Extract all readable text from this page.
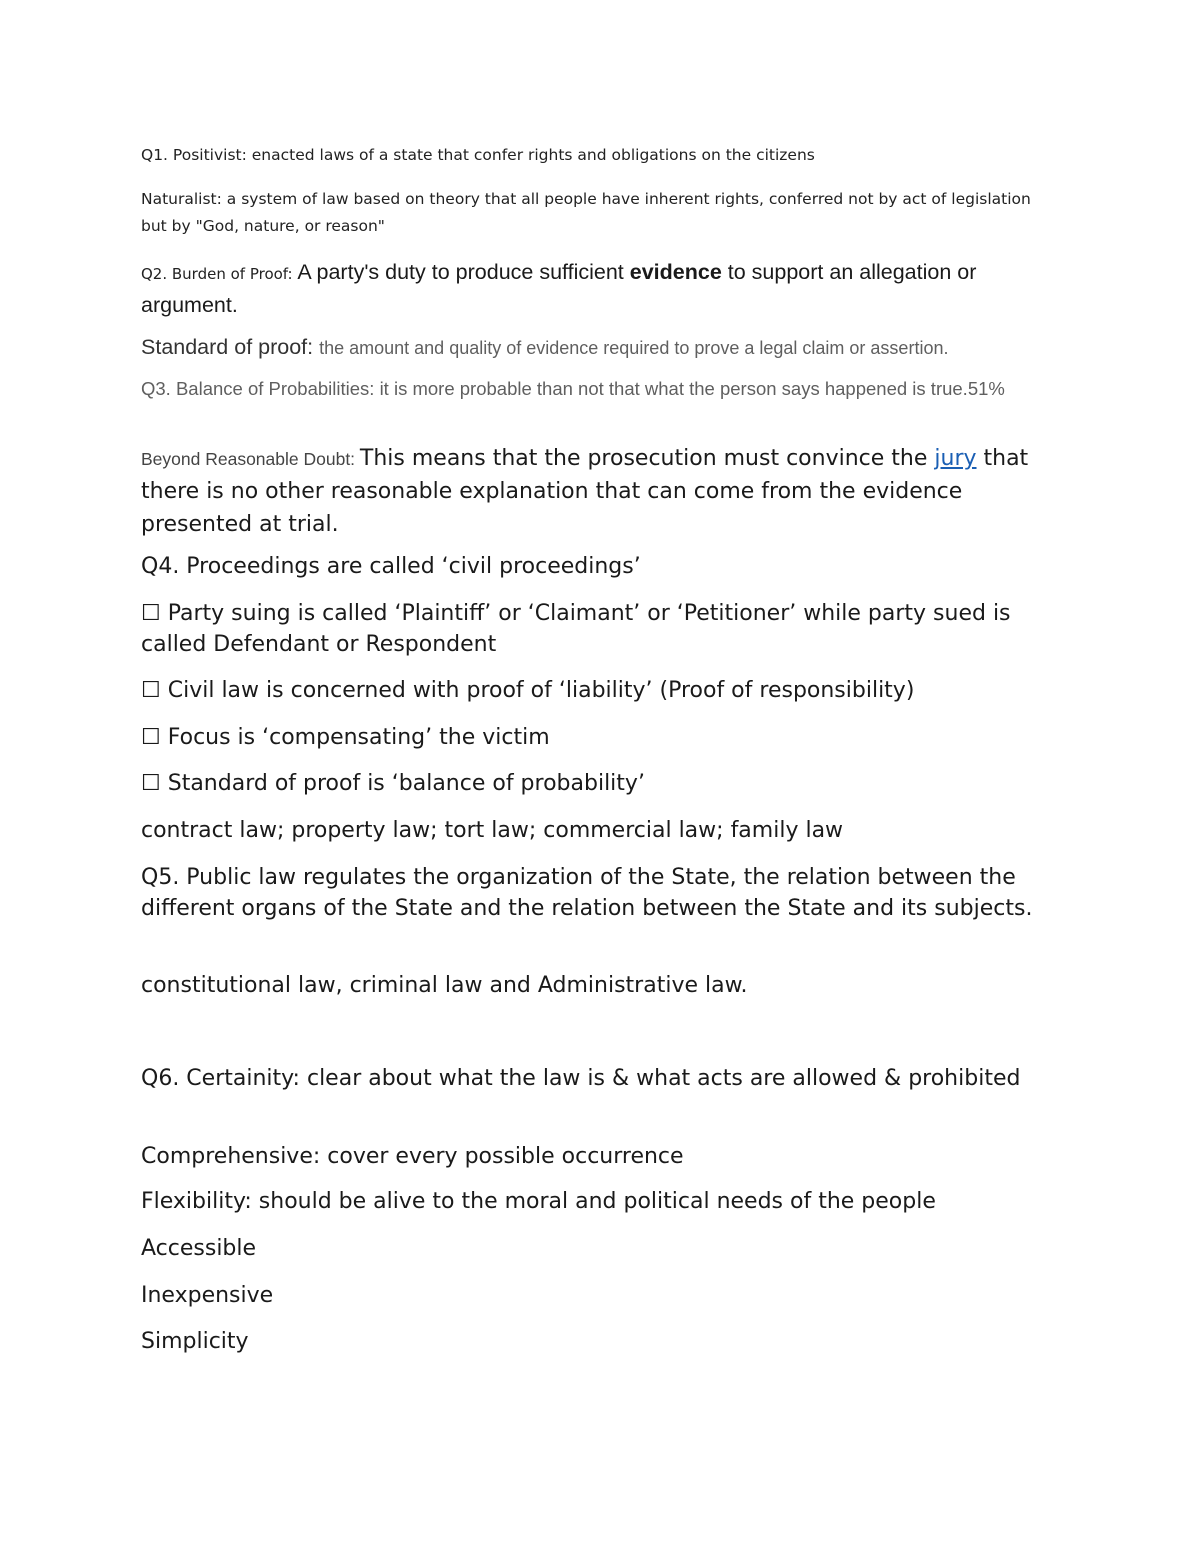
Q1. Positivist: enacted laws of a state that confer rights and obligations on the citizens

Naturalist: a system of law based on theory that all people have inherent rights, conferred not by act of legislation but by "God, nature, or reason"

Q2. Burden of Proof: A party's duty to produce sufficient evidence to support an allegation or argument.

Standard of proof: the amount and quality of evidence required to prove a legal claim or assertion.

Q3. Balance of Probabilities: it is more probable than not that what the person says happened is true.51%

Beyond Reasonable Doubt: This means that the prosecution must convince the jury that there is no other reasonable explanation that can come from the evidence presented at trial.

Q4. Proceedings are called ‘civil proceedings’

☐ Party suing is called ‘Plaintiff’ or ‘Claimant’ or ‘Petitioner’ while party sued is called Defendant or Respondent

☐ Civil law is concerned with proof of ‘liability’ (Proof of responsibility)

☐ Focus is ‘compensating’ the victim

☐ Standard of proof is ‘balance of probability’

contract law; property law; tort law; commercial law; family law

Q5. Public law regulates the organization of the State, the relation between the different organs of the State and the relation between the State and its subjects.

constitutional law, criminal law and Administrative law.

Q6. Certainity: clear about what the law is & what acts are allowed & prohibited

Comprehensive: cover every possible occurrence

Flexibility: should be alive to the moral and political needs of the people

Accessible

Inexpensive

Simplicity
